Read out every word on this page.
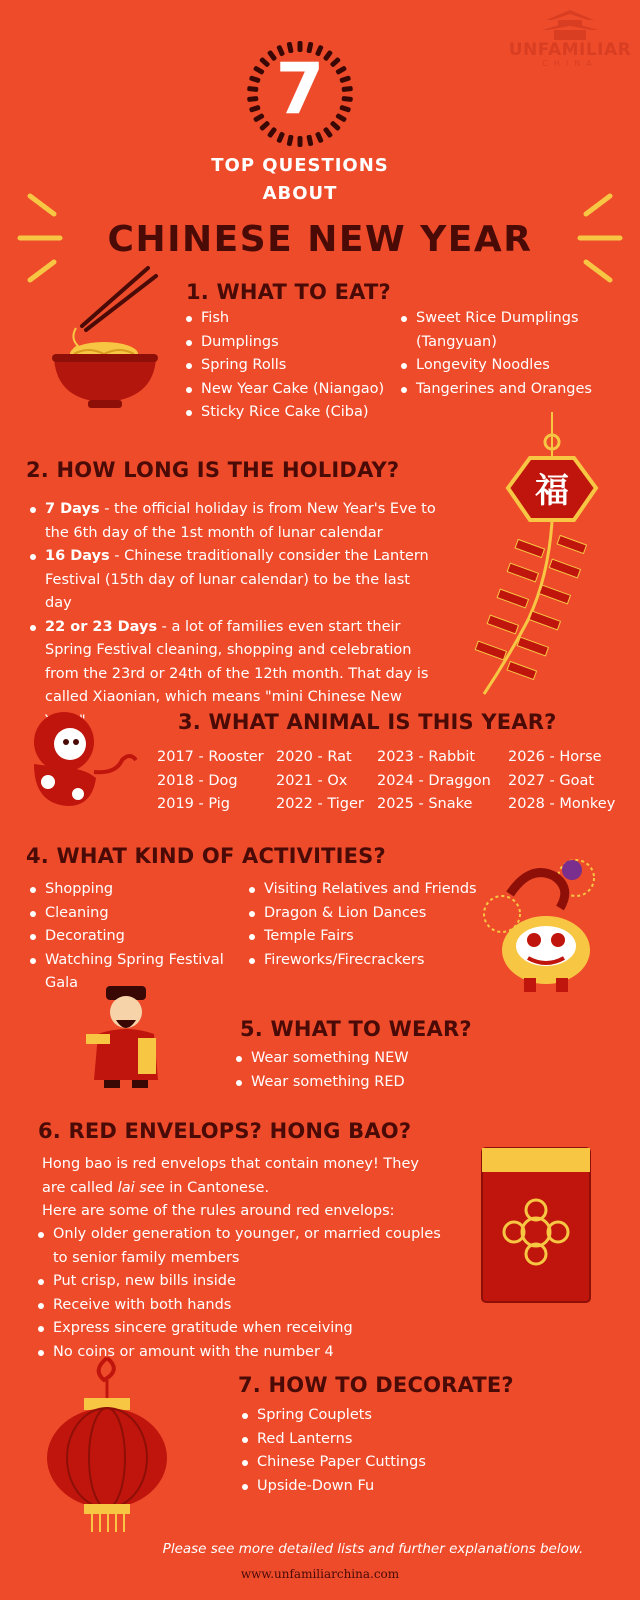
UNFAMILIAR
CHINA
7
TOP QUESTIONS
ABOUT
CHINESE NEW YEAR
1. WHAT TO EAT?
Fish
Dumplings
Spring Rolls
New Year Cake (Niangao)
Sticky Rice Cake (Ciba)
Sweet Rice Dumplings (Tangyuan)
Longevity Noodles
Tangerines and Oranges
2. HOW LONG IS THE HOLIDAY?
7 Days - the official holiday is from New Year's Eve to the 6th day of the 1st month of lunar calendar
16 Days - Chinese traditionally consider the Lantern Festival (15th day of lunar calendar) to be the last day
22 or 23 Days - a lot of families even start their Spring Festival cleaning, shopping and celebration from the 23rd or 24th of the 12th month. That day is called Xiaonian, which means "mini Chinese New
福
3. WHAT ANIMAL IS THIS YEAR?
2017 - Rooster
2018 - Dog
2019 - Pig
2020 - Rat
2021 - Ox
2022 - Tiger
2023 - Rabbit
2024 - Draggon
2025 - Snake
2026 - Horse
2027 - Goat
2028 - Monkey
4. WHAT KIND OF ACTIVITIES?
Shopping
Cleaning
Decorating
Watching Spring Festival Gala
Visiting Relatives and Friends
Dragon & Lion Dances
Temple Fairs
Fireworks/Firecrackers
5. WHAT TO WEAR?
Wear something NEW
Wear something RED
6. RED ENVELOPS? HONG BAO?
Hong bao is red envelops that contain money! They are called lai see in Cantonese.
Here are some of the rules around red envelops:
Only older generation to younger, or married couples to senior family members
Put crisp, new bills inside
Receive with both hands
Express sincere gratitude when receiving
No coins or amount with the number 4
7. HOW TO DECORATE?
Spring Couplets
Red Lanterns
Chinese Paper Cuttings
Upside-Down Fu
Please see more detailed lists and further explanations below.
www.unfamiliarchina.com
